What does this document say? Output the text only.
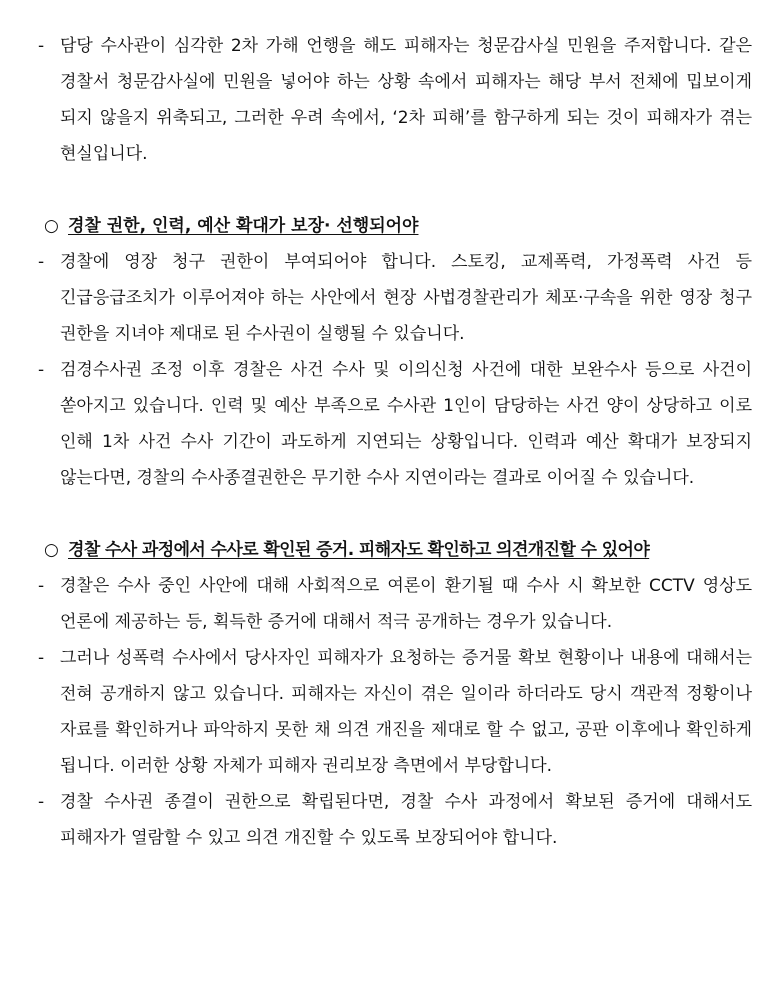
- 담당 수사관이 심각한 2차 가해 언행을 해도 피해자는 청문감사실 민원을 주저합니다. 같은 경찰서 청문감사실에 민원을 넣어야 하는 상황 속에서 피해자는 해당 부서 전체에 밉보이게 되지 않을지 위축되고, 그러한 우려 속에서, ‘2차 피해’를 함구하게 되는 것이 피해자가 겪는 현실입니다.
○ 경찰 권한, 인력, 예산 확대가 보장· 선행되어야
- 경찰에 영장 청구 권한이 부여되어야 합니다. 스토킹, 교제폭력, 가정폭력 사건 등 긴급응급조치가 이루어져야 하는 사안에서 현장 사법경찰관리가 체포·구속을 위한 영장 청구 권한을 지녀야 제대로 된 수사권이 실행될 수 있습니다.
- 검경수사권 조정 이후 경찰은 사건 수사 및 이의신청 사건에 대한 보완수사 등으로 사건이 쏟아지고 있습니다. 인력 및 예산 부족으로 수사관 1인이 담당하는 사건 양이 상당하고 이로 인해 1차 사건 수사 기간이 과도하게 지연되는 상황입니다. 인력과 예산 확대가 보장되지 않는다면, 경찰의 수사종결권한은 무기한 수사 지연이라는 결과로 이어질 수 있습니다.
○ 경찰 수사 과정에서 수사로 확인된 증거. 피해자도 확인하고 의견개진할 수 있어야
- 경찰은 수사 중인 사안에 대해 사회적으로 여론이 환기될 때 수사 시 확보한 CCTV 영상도 언론에 제공하는 등, 획득한 증거에 대해서 적극 공개하는 경우가 있습니다.
- 그러나 성폭력 수사에서 당사자인 피해자가 요청하는 증거물 확보 현황이나 내용에 대해서는 전혀 공개하지 않고 있습니다. 피해자는 자신이 겪은 일이라 하더라도 당시 객관적 정황이나 자료를 확인하거나 파악하지 못한 채 의견 개진을 제대로 할 수 없고, 공판 이후에나 확인하게 됩니다. 이러한 상황 자체가 피해자 권리보장 측면에서 부당합니다.
- 경찰 수사권 종결이 권한으로 확립된다면, 경찰 수사 과정에서 확보된 증거에 대해서도 피해자가 열람할 수 있고 의견 개진할 수 있도록 보장되어야 합니다.
